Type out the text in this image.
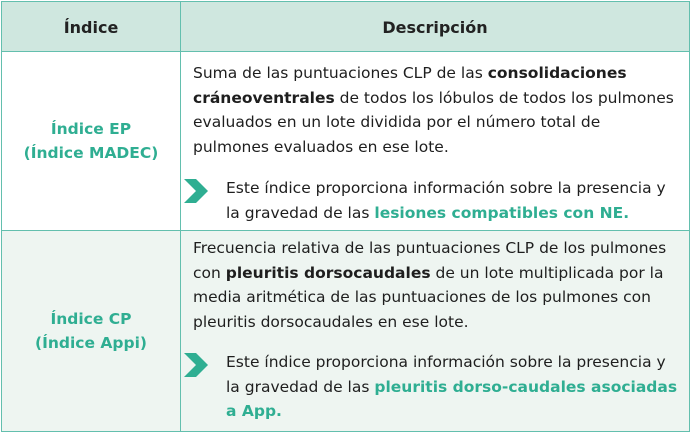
Índice	Descripción
Índice EP
(Índice MADEC)
Suma de las puntuaciones CLP de las consolidaciones cráneoventrales de todos los lóbulos de todos los pulmones evaluados en un lote dividida por el número total de pulmones evaluados en ese lote.
Este índice proporciona información sobre la presencia y la gravedad de las lesiones compatibles con NE.
Índice CP
(Índice Appi)
Frecuencia relativa de las puntuaciones CLP de los pulmones con pleuritis dorsocaudales de un lote multiplicada por la media aritmética de las puntuaciones de los pulmones con pleuritis dorsocaudales en ese lote.
Este índice proporciona información sobre la presencia y la gravedad de las pleuritis dorso-caudales asociadas a App.
